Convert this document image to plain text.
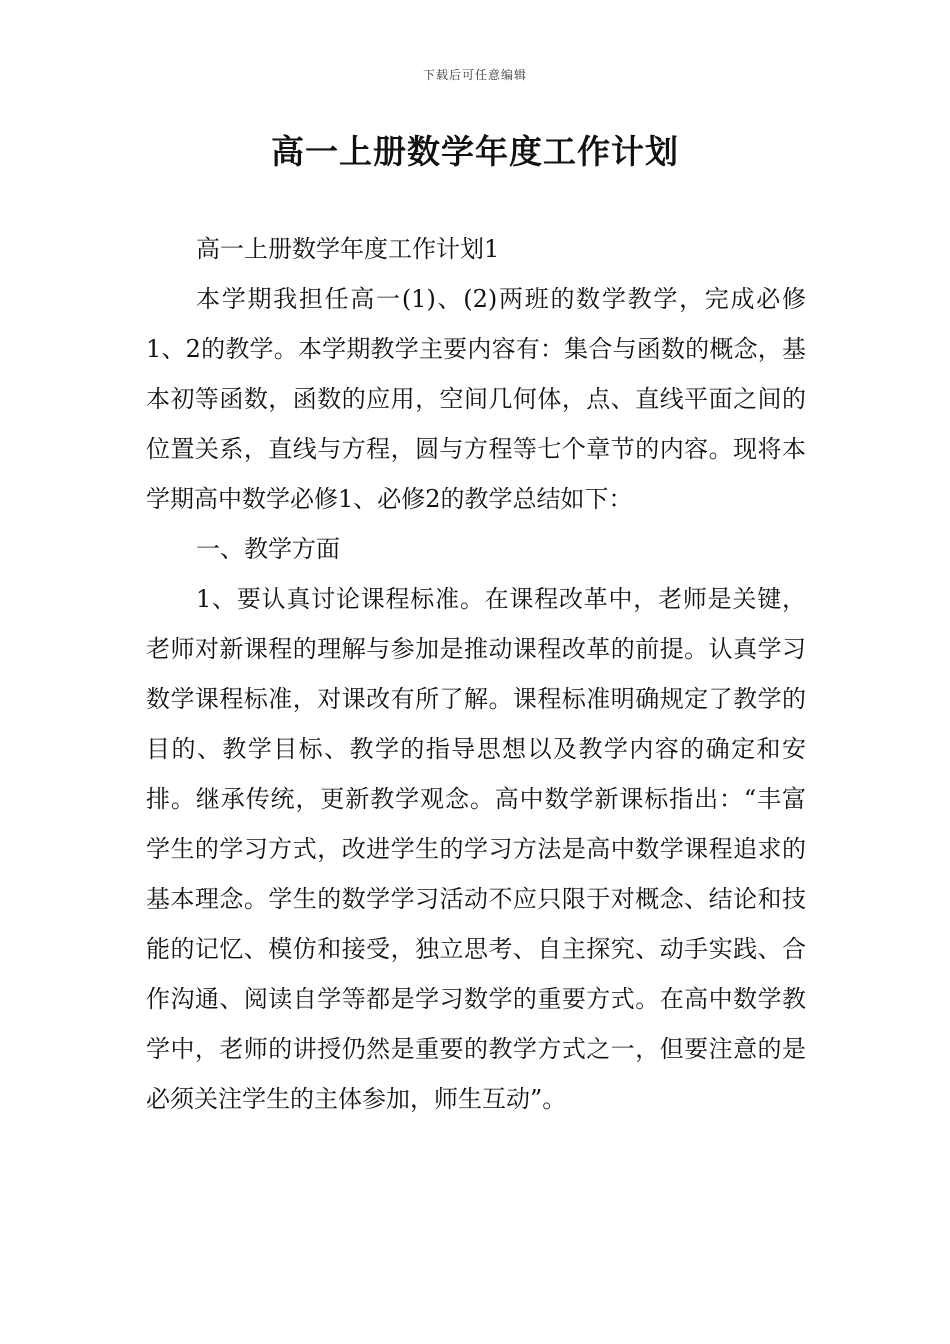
下载后可任意编辑
高一上册数学年度工作计划

高一上册数学年度工作计划1

本学期我担任高一(1)、(2)两班的数学教学，完成必修1、2的教学。本学期教学主要内容有：集合与函数的概念，基本初等函数，函数的应用，空间几何体，点、直线平面之间的位置关系，直线与方程，圆与方程等七个章节的内容。现将本学期高中数学必修1、必修2的教学总结如下：

一、教学方面

1、要认真讨论课程标准。在课程改革中，老师是关键，老师对新课程的理解与参加是推动课程改革的前提。认真学习数学课程标准，对课改有所了解。课程标准明确规定了教学的目的、教学目标、教学的指导思想以及教学内容的确定和安排。继承传统，更新教学观念。高中数学新课标指出：“丰富学生的学习方式，改进学生的学习方法是高中数学课程追求的基本理念。学生的数学学习活动不应只限于对概念、结论和技能的记忆、模仿和接受，独立思考、自主探究、动手实践、合作沟通、阅读自学等都是学习数学的重要方式。在高中数学教学中，老师的讲授仍然是重要的教学方式之一，但要注意的是必须关注学生的主体参加，师生互动”。
